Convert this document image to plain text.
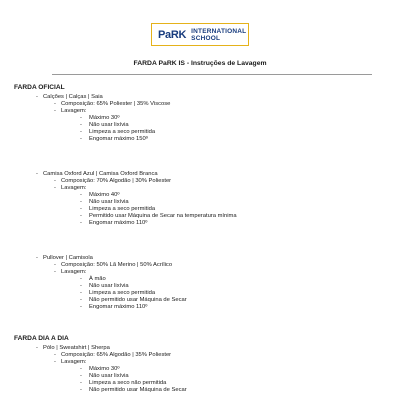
PaRK INTERNATIONAL
SCHOOL
FARDA PaRK IS - Instruções de Lavagem
FARDA OFICIAL
- Calções | Calças | Saia
- Composição: 65% Poliester | 35% Viscose
- Lavagem:
- Máximo 30º
- Não usar lixívia
- Limpeza a seco permitida
- Engomar máximo 150º
- Camisa Oxford Azul | Camisa Oxford Branca
- Composição: 70% Algodão | 30% Poliester
- Lavagem:
- Máximo 40º
- Não usar lixívia
- Limpeza a seco permitida
- Permitido usar Máquina de Secar na temperatura mínima
- Engomar máximo 110º
- Pullover | Camisola
- Composição: 50% Lã Merino | 50% Acrílico
- Lavagem:
- À mão
- Não usar lixívia
- Limpeza a seco permitida
- Não permitido usar Máquina de Secar
- Engomar máximo 110º
FARDA DIA A DIA
- Pólo | Sweatshirt | Sherpa
- Composição: 65% Algodão | 35% Poliester
- Lavagem:
- Máximo 30º
- Não usar lixívia
- Limpeza a seco não permitida
- Não permitido usar Máquina de Secar
